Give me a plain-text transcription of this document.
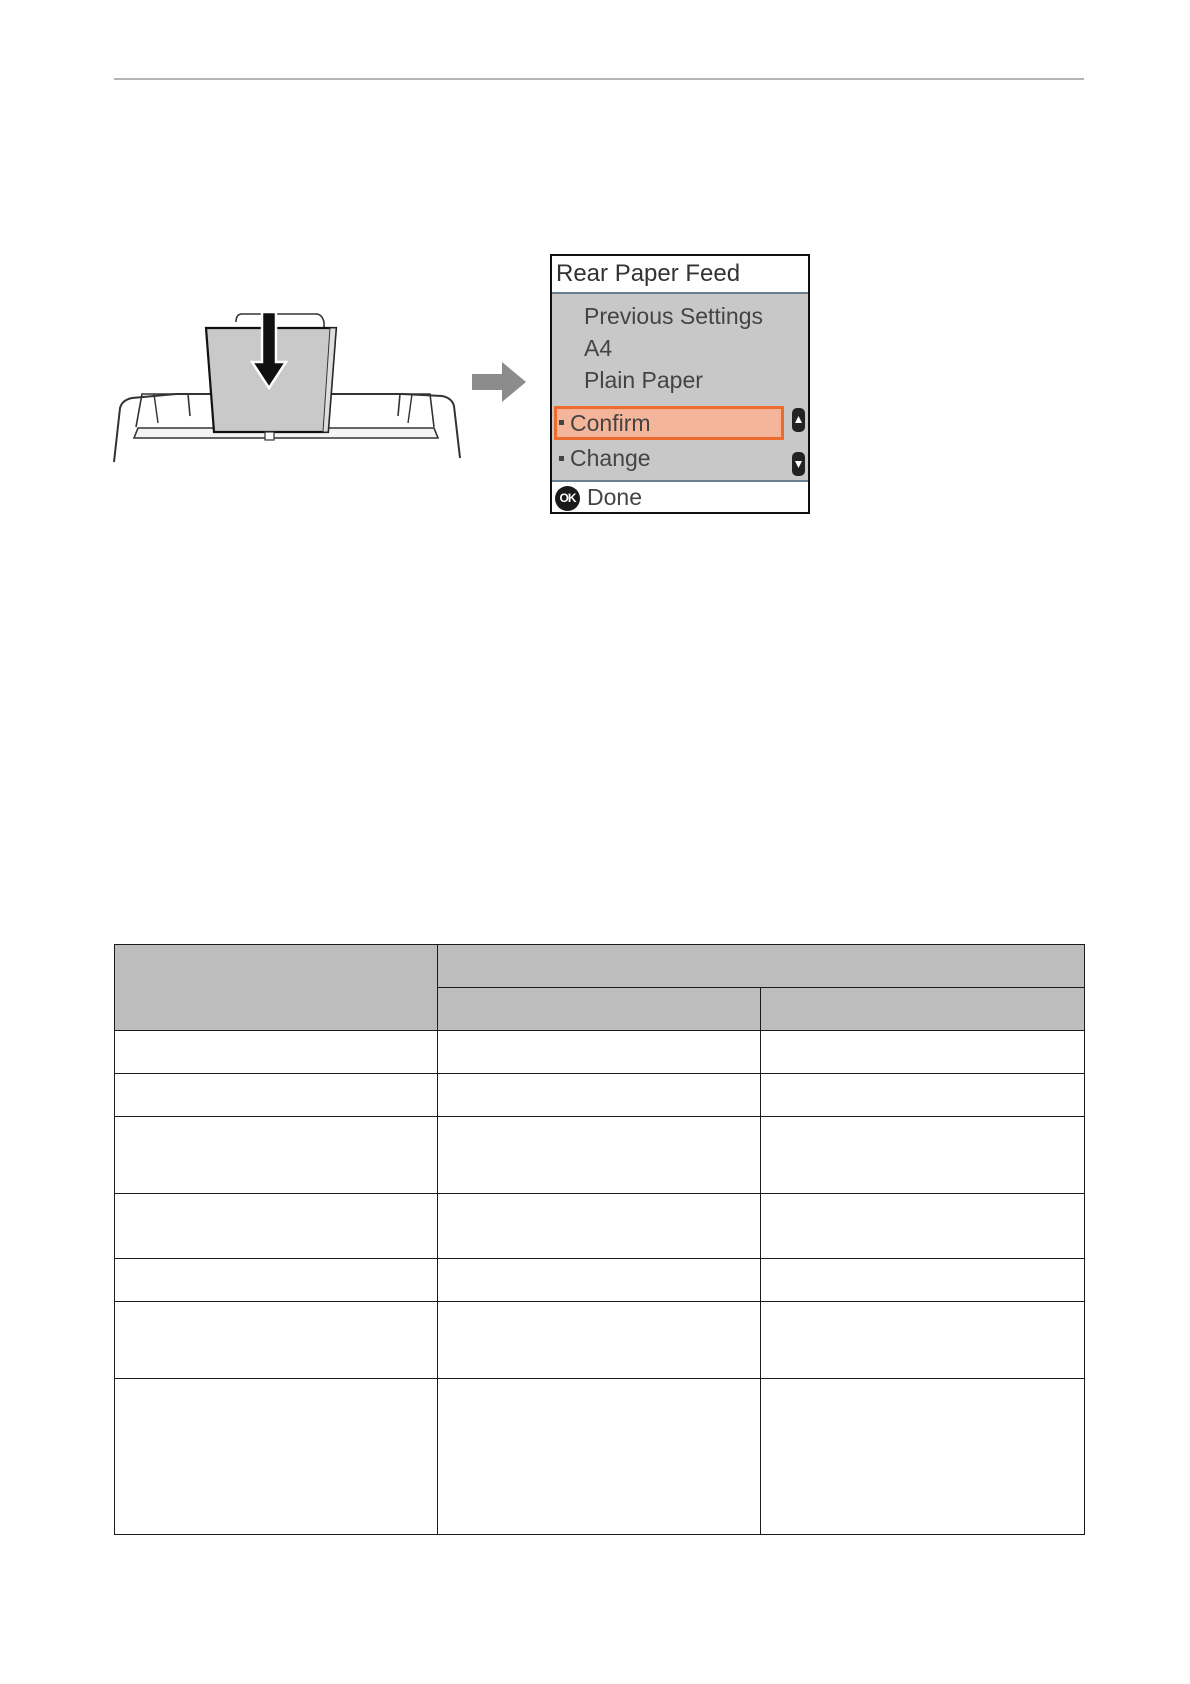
Rear Paper Feed
Previous Settings
A4
Plain Paper
Confirm
Change
OK Done
